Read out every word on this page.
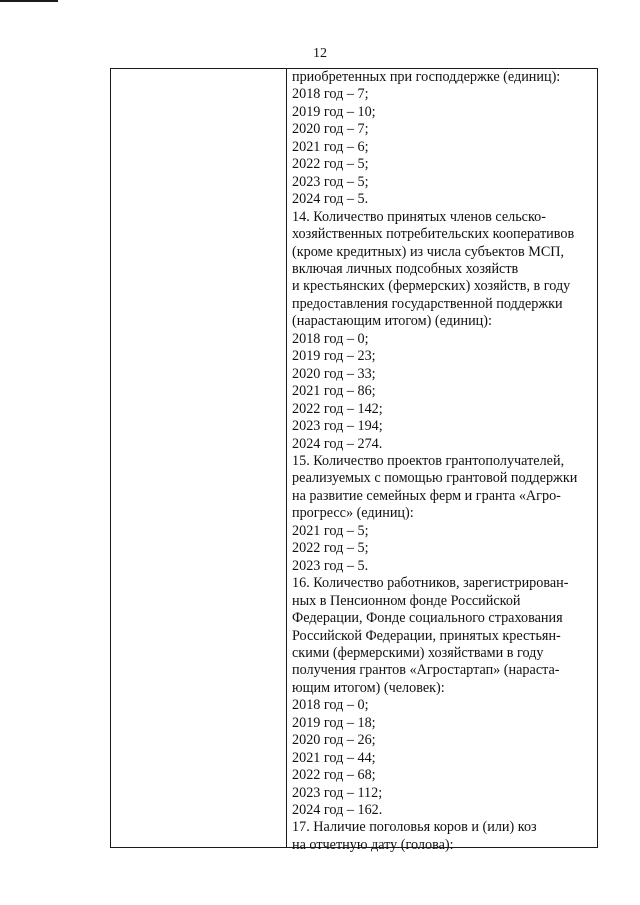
12
приобретенных при господдержке (единиц):
2018 год – 7;
2019 год – 10;
2020 год – 7;
2021 год – 6;
2022 год – 5;
2023 год – 5;
2024 год – 5.
14. Количество принятых членов сельско-
хозяйственных потребительских кооперативов
(кроме кредитных) из числа субъектов МСП,
включая личных подсобных хозяйств
и крестьянских (фермерских) хозяйств, в году
предоставления государственной поддержки
(нарастающим итогом) (единиц):
2018 год – 0;
2019 год – 23;
2020 год – 33;
2021 год – 86;
2022 год – 142;
2023 год – 194;
2024 год – 274.
15. Количество проектов грантополучателей,
реализуемых с помощью грантовой поддержки
на развитие семейных ферм и гранта «Агро-
прогресс» (единиц):
2021 год – 5;
2022 год – 5;
2023 год – 5.
16. Количество работников, зарегистрирован-
ных в Пенсионном фонде Российской
Федерации, Фонде социального страхования
Российской Федерации, принятых крестьян-
скими (фермерскими) хозяйствами в году
получения грантов «Агростартап» (нараста-
ющим итогом) (человек):
2018 год – 0;
2019 год – 18;
2020 год – 26;
2021 год – 44;
2022 год – 68;
2023 год – 112;
2024 год – 162.
17. Наличие поголовья коров и (или) коз
на отчетную дату (голова):
